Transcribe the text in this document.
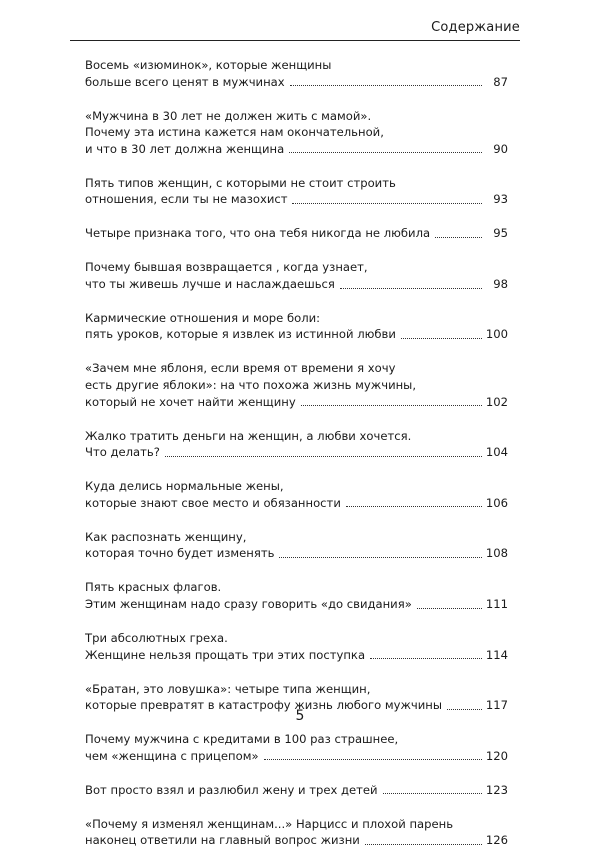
Содержание
Восемь «изюминок», которые женщины
больше всего ценят в мужчинах	87
«Мужчина в 30 лет не должен жить с мамой».
Почему эта истина кажется нам окончательной,
и что в 30 лет должна женщина	90
Пять типов женщин, с которыми не стоит строить
отношения, если ты не мазохист	93
Четыре признака того, что она тебя никогда не любила	95
Почему бывшая возвращается , когда узнает,
что ты живешь лучше и наслаждаешься	98
Кармические отношения и море боли:
пять уроков, которые я извлек из истинной любви	100
«Зачем мне яблоня, если время от времени я хочу
есть другие яблоки»: на что похожа жизнь мужчины,
который не хочет найти женщину	102
Жалко тратить деньги на женщин, а любви хочется.
Что делать?	104
Куда делись нормальные жены,
которые знают свое место и обязанности	106
Как распознать женщину,
которая точно будет изменять	108
Пять красных флагов.
Этим женщинам надо сразу говорить «до свидания»	111
Три абсолютных греха.
Женщине нельзя прощать три этих поступка	114
«Братан, это ловушка»: четыре типа женщин,
которые превратят в катастрофу жизнь любого мужчины	117
Почему мужчина с кредитами в 100 раз страшнее,
чем «женщина с прицепом»	120
Вот просто взял и разлюбил жену и трех детей	123
«Почему я изменял женщинам...» Нарцисс и плохой парень
наконец ответили на главный вопрос жизни	126
5
